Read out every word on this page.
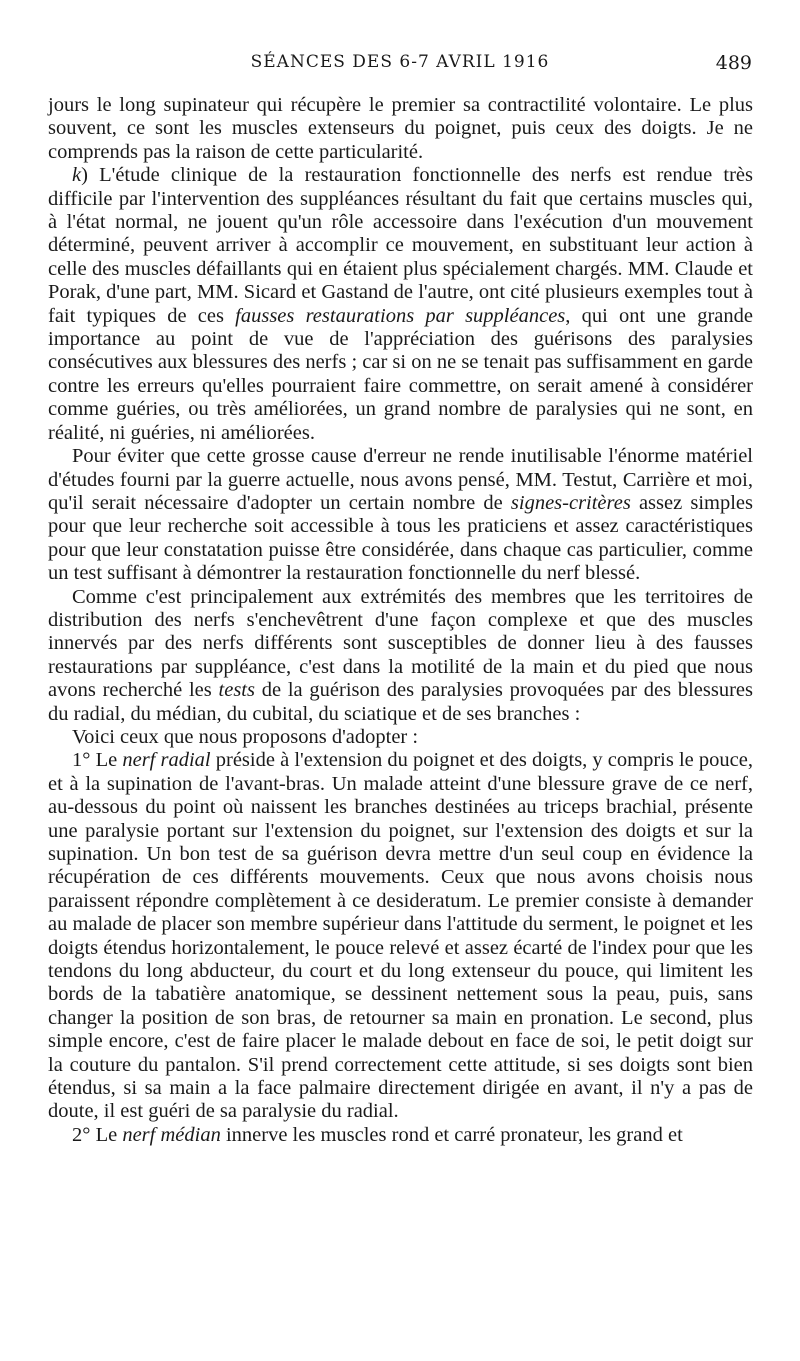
SÉANCES DES 6-7 AVRIL 1916	489

jours le long supinateur qui récupère le premier sa contractilité volontaire. Le plus souvent, ce sont les muscles extenseurs du poignet, puis ceux des doigts. Je ne comprends pas la raison de cette particularité.

k) L'étude clinique de la restauration fonctionnelle des nerfs est rendue très difficile par l'intervention des suppléances résultant du fait que certains muscles qui, à l'état normal, ne jouent qu'un rôle accessoire dans l'exécution d'un mouvement déterminé, peuvent arriver à accomplir ce mouvement, en substituant leur action à celle des muscles défaillants qui en étaient plus spécialement chargés. MM. Claude et Porak, d'une part, MM. Sicard et Gastand de l'autre, ont cité plusieurs exemples tout à fait typiques de ces fausses restaurations par suppléances, qui ont une grande importance au point de vue de l'appréciation des guérisons des paralysies consécutives aux blessures des nerfs ; car si on ne se tenait pas suffisamment en garde contre les erreurs qu'elles pourraient faire commettre, on serait amené à considérer comme guéries, ou très améliorées, un grand nombre de paralysies qui ne sont, en réalité, ni guéries, ni améliorées.

Pour éviter que cette grosse cause d'erreur ne rende inutilisable l'énorme matériel d'études fourni par la guerre actuelle, nous avons pensé, MM. Testut, Carrière et moi, qu'il serait nécessaire d'adopter un certain nombre de signes-critères assez simples pour que leur recherche soit accessible à tous les praticiens et assez caractéristiques pour que leur constatation puisse être considérée, dans chaque cas particulier, comme un test suffisant à démontrer la restauration fonctionnelle du nerf blessé.

Comme c'est principalement aux extrémités des membres que les territoires de distribution des nerfs s'enchevêtrent d'une façon complexe et que des muscles innervés par des nerfs différents sont susceptibles de donner lieu à des fausses restaurations par suppléance, c'est dans la motilité de la main et du pied que nous avons recherché les tests de la guérison des paralysies provoquées par des blessures du radial, du médian, du cubital, du sciatique et de ses branches :

Voici ceux que nous proposons d'adopter :

1° Le nerf radial préside à l'extension du poignet et des doigts, y compris le pouce, et à la supination de l'avant-bras. Un malade atteint d'une blessure grave de ce nerf, au-dessous du point où naissent les branches destinées au triceps brachial, présente une paralysie portant sur l'extension du poignet, sur l'extension des doigts et sur la supination. Un bon test de sa guérison devra mettre d'un seul coup en évidence la récupération de ces différents mouvements. Ceux que nous avons choisis nous paraissent répondre complètement à ce desideratum. Le premier consiste à demander au malade de placer son membre supérieur dans l'attitude du serment, le poignet et les doigts étendus horizontalement, le pouce relevé et assez écarté de l'index pour que les tendons du long abducteur, du court et du long extenseur du pouce, qui limitent les bords de la tabatière anatomique, se dessinent nettement sous la peau, puis, sans changer la position de son bras, de retourner sa main en pronation. Le second, plus simple encore, c'est de faire placer le malade debout en face de soi, le petit doigt sur la couture du pantalon. S'il prend correctement cette attitude, si ses doigts sont bien étendus, si sa main a la face palmaire directement dirigée en avant, il n'y a pas de doute, il est guéri de sa paralysie du radial.

2° Le nerf médian innerve les muscles rond et carré pronateur, les grand et
